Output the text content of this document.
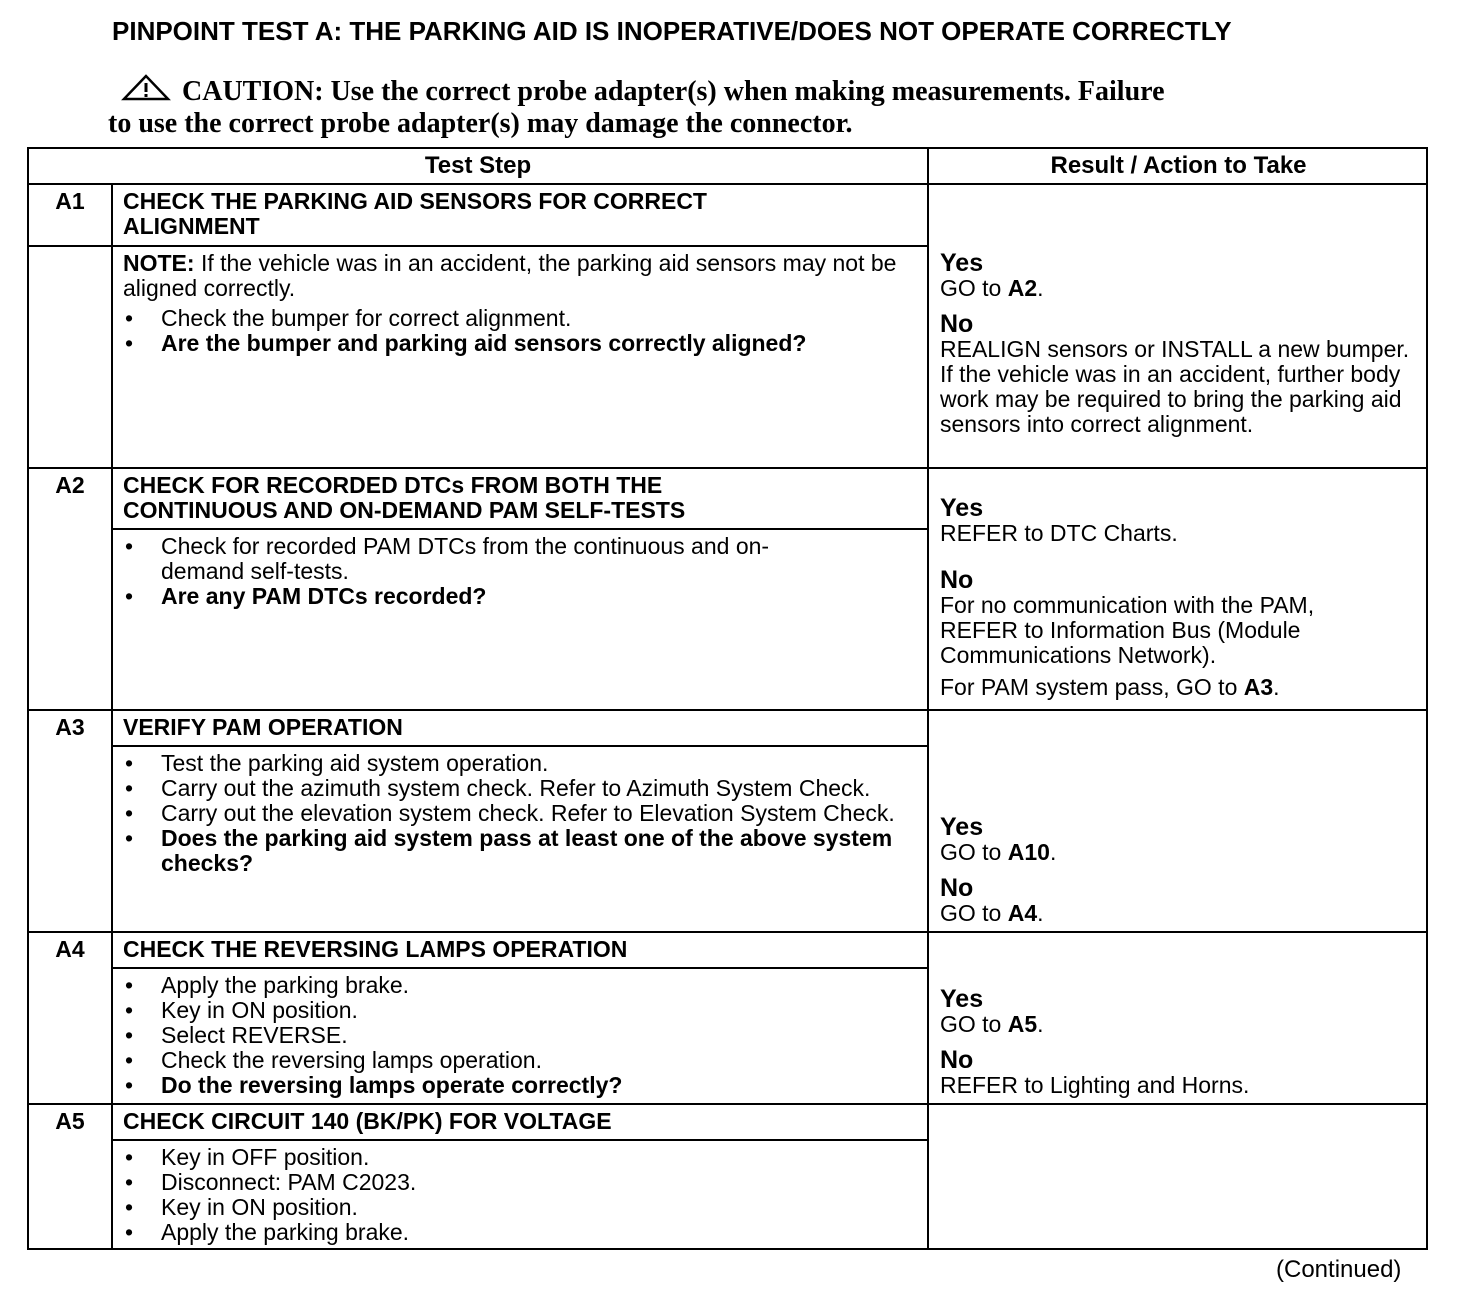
PINPOINT TEST A: THE PARKING AID IS INOPERATIVE/DOES NOT OPERATE CORRECTLY
CAUTION: Use the correct probe adapter(s) when making measurements. Failure
to use the correct probe adapter(s) may damage the connector.
Test Step	Result / Action to Take
A1	CHECK THE PARKING AID SENSORS FOR CORRECT ALIGNMENT
NOTE: If the vehicle was in an accident, the parking aid sensors may not be aligned correctly.
• Check the bumper for correct alignment.
• Are the bumper and parking aid sensors correctly aligned?
Yes
GO to A2.
No
REALIGN sensors or INSTALL a new bumper. If the vehicle was in an accident, further body work may be required to bring the parking aid sensors into correct alignment.
A2	CHECK FOR RECORDED DTCs FROM BOTH THE CONTINUOUS AND ON-DEMAND PAM SELF-TESTS
• Check for recorded PAM DTCs from the continuous and on-demand self-tests.
• Are any PAM DTCs recorded?
Yes
REFER to DTC Charts.
No
For no communication with the PAM, REFER to Information Bus (Module Communications Network).
For PAM system pass, GO to A3.
A3	VERIFY PAM OPERATION
• Test the parking aid system operation.
• Carry out the azimuth system check. Refer to Azimuth System Check.
• Carry out the elevation system check. Refer to Elevation System Check.
• Does the parking aid system pass at least one of the above system checks?
Yes
GO to A10.
No
GO to A4.
A4	CHECK THE REVERSING LAMPS OPERATION
• Apply the parking brake.
• Key in ON position.
• Select REVERSE.
• Check the reversing lamps operation.
• Do the reversing lamps operate correctly?
Yes
GO to A5.
No
REFER to Lighting and Horns.
A5	CHECK CIRCUIT 140 (BK/PK) FOR VOLTAGE
• Key in OFF position.
• Disconnect: PAM C2023.
• Key in ON position.
• Apply the parking brake.
(Continued)
